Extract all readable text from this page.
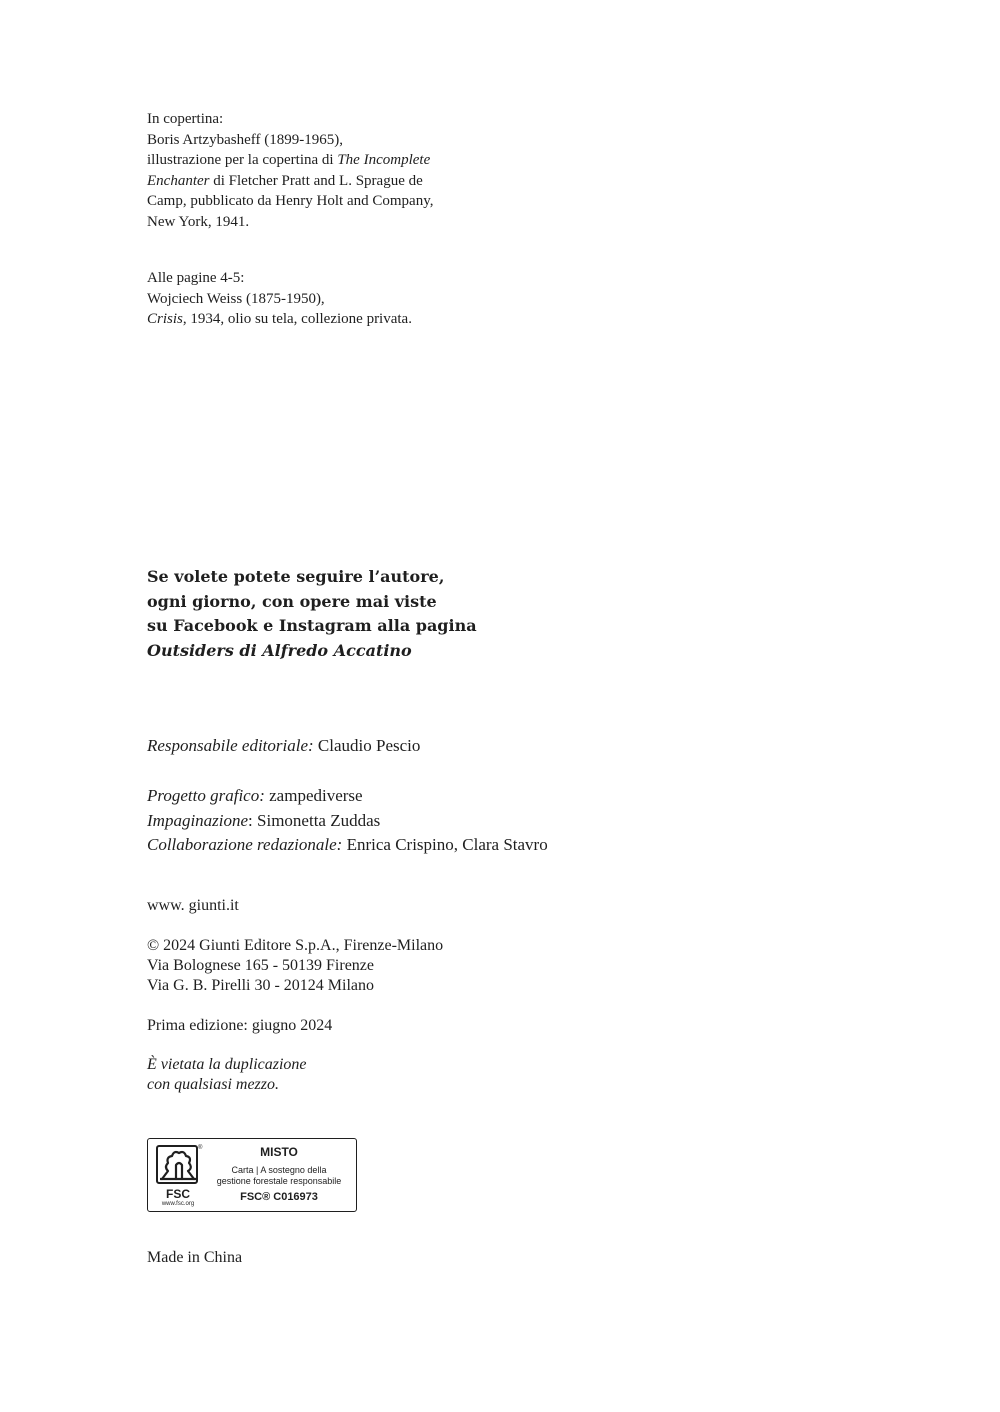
In copertina:
Boris Artzybasheff (1899-1965),
illustrazione per la copertina di The Incomplete
Enchanter di Fletcher Pratt and L. Sprague de
Camp, pubblicato da Henry Holt and Company,
New York, 1941.
Alle pagine 4-5:
Wojciech Weiss (1875-1950),
Crisis, 1934, olio su tela, collezione privata.
Se volete potete seguire l’autore,
ogni giorno, con opere mai viste
su Facebook e Instagram alla pagina
Outsiders di Alfredo Accatino
Responsabile editoriale: Claudio Pescio
Progetto grafico: zampediverse
Impaginazione: Simonetta Zuddas
Collaborazione redazionale: Enrica Crispino, Clara Stavro
www. giunti.it
© 2024 Giunti Editore S.p.A., Firenze-Milano
Via Bolognese 165 - 50139 Firenze
Via G. B. Pirelli 30 - 20124 Milano
Prima edizione: giugno 2024
È vietata la duplicazione
con qualsiasi mezzo.
®
FSC
www.fsc.org
MISTO
Carta | A sostegno della
gestione forestale responsabile
FSC® C016973
Made in China
